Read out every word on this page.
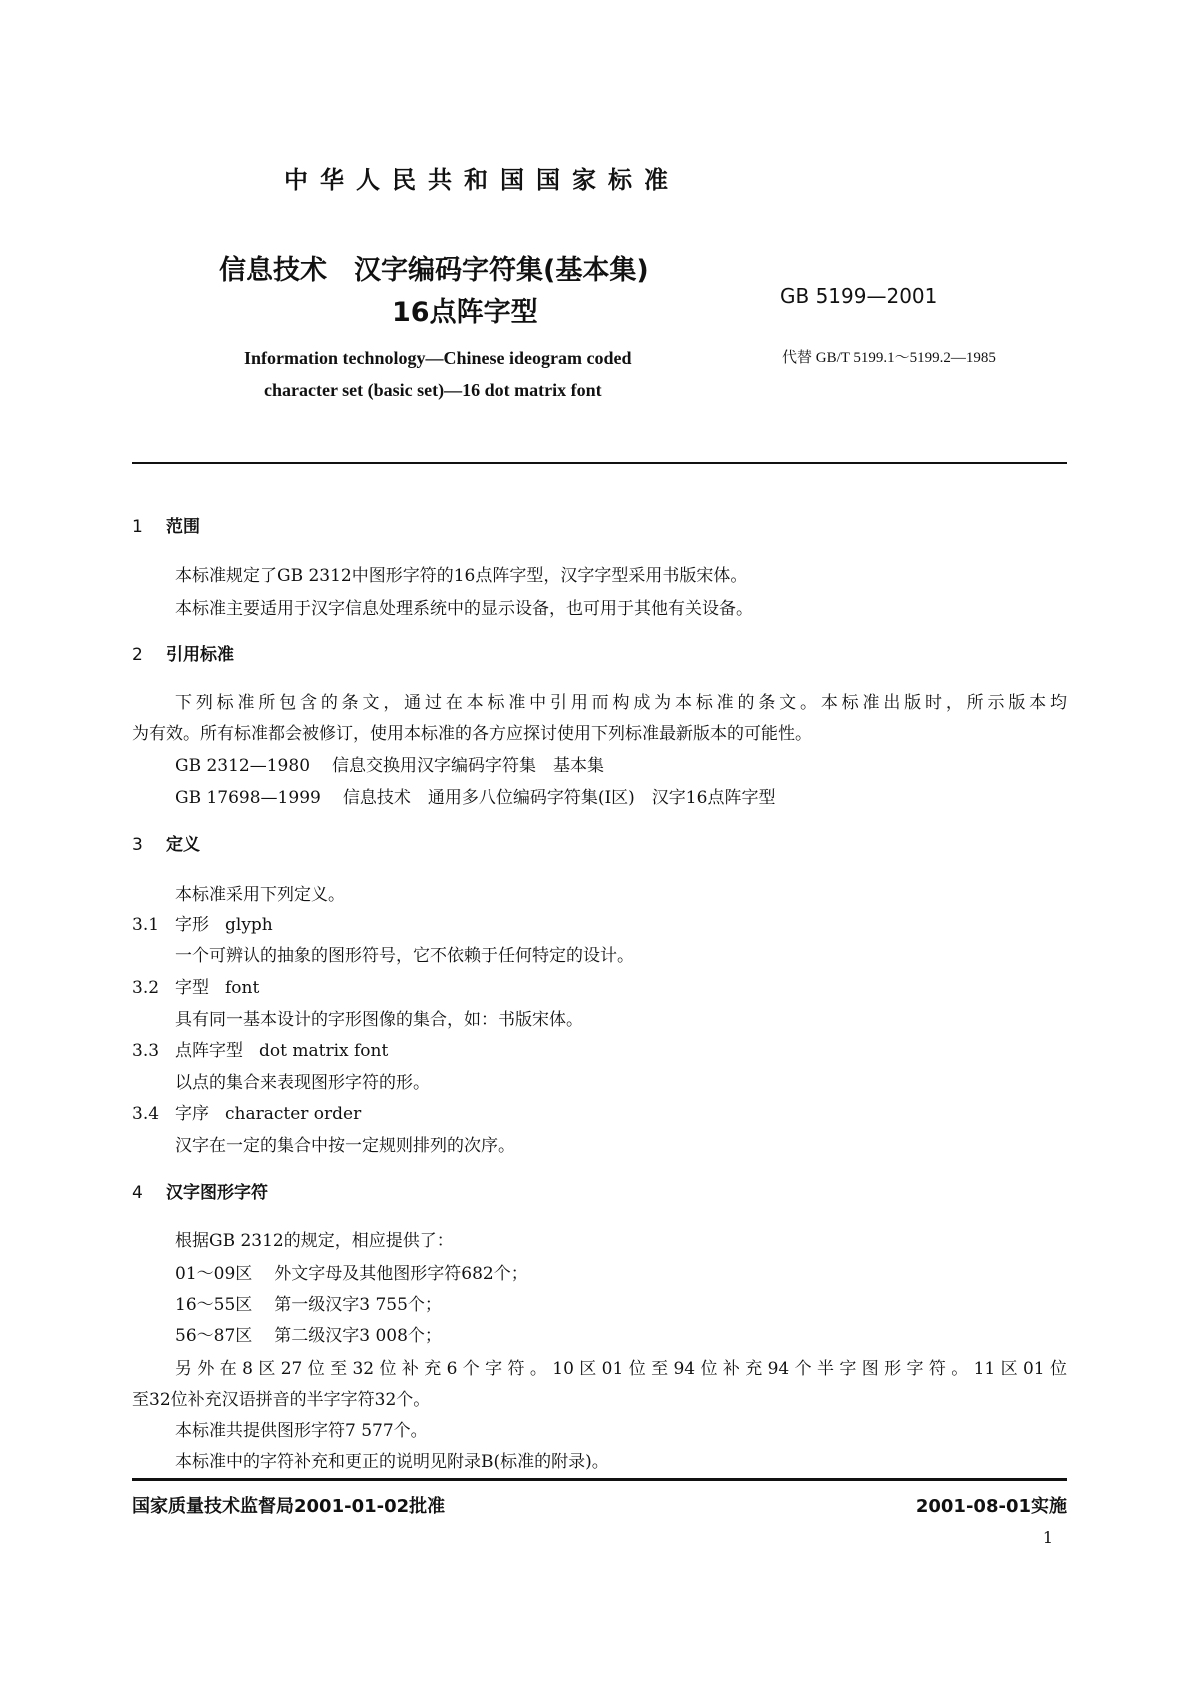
中华人民共和国国家标准
信息技术　汉字编码字符集(基本集)
16点阵字型
GB 5199—2001
Information technology—Chinese ideogram coded
character set (basic set)—16 dot matrix font
代替 GB/T 5199.1～5199.2—1985
1 范围
本标准规定了GB 2312中图形字符的16点阵字型，汉字字型采用书版宋体。
本标准主要适用于汉字信息处理系统中的显示设备，也可用于其他有关设备。
2 引用标准
下列标准所包含的条文，通过在本标准中引用而构成为本标准的条文。本标准出版时，所示版本均
为有效。所有标准都会被修订，使用本标准的各方应探讨使用下列标准最新版本的可能性。
GB 2312—1980 信息交换用汉字编码字符集　基本集
GB 17698—1999 信息技术　通用多八位编码字符集(Ⅰ区)　汉字16点阵字型
3 定义
本标准采用下列定义。
3.1 字形 glyph
一个可辨认的抽象的图形符号，它不依赖于任何特定的设计。
3.2 字型 font
具有同一基本设计的字形图像的集合，如：书版宋体。
3.3 点阵字型 dot matrix font
以点的集合来表现图形字符的形。
3.4 字序 character order
汉字在一定的集合中按一定规则排列的次序。
4 汉字图形字符
根据GB 2312的规定，相应提供了：
01～09区 外文字母及其他图形字符682个；
16～55区 第一级汉字3 755个；
56～87区 第二级汉字3 008个；
另外在8区27位至32位补充6个字符。10区01位至94位补充94个半字图形字符。11区01位
至32位补充汉语拼音的半字字符32个。
本标准共提供图形字符7 577个。
本标准中的字符补充和更正的说明见附录B(标准的附录)。
国家质量技术监督局2001-01-02批准	2001-08-01实施
1
